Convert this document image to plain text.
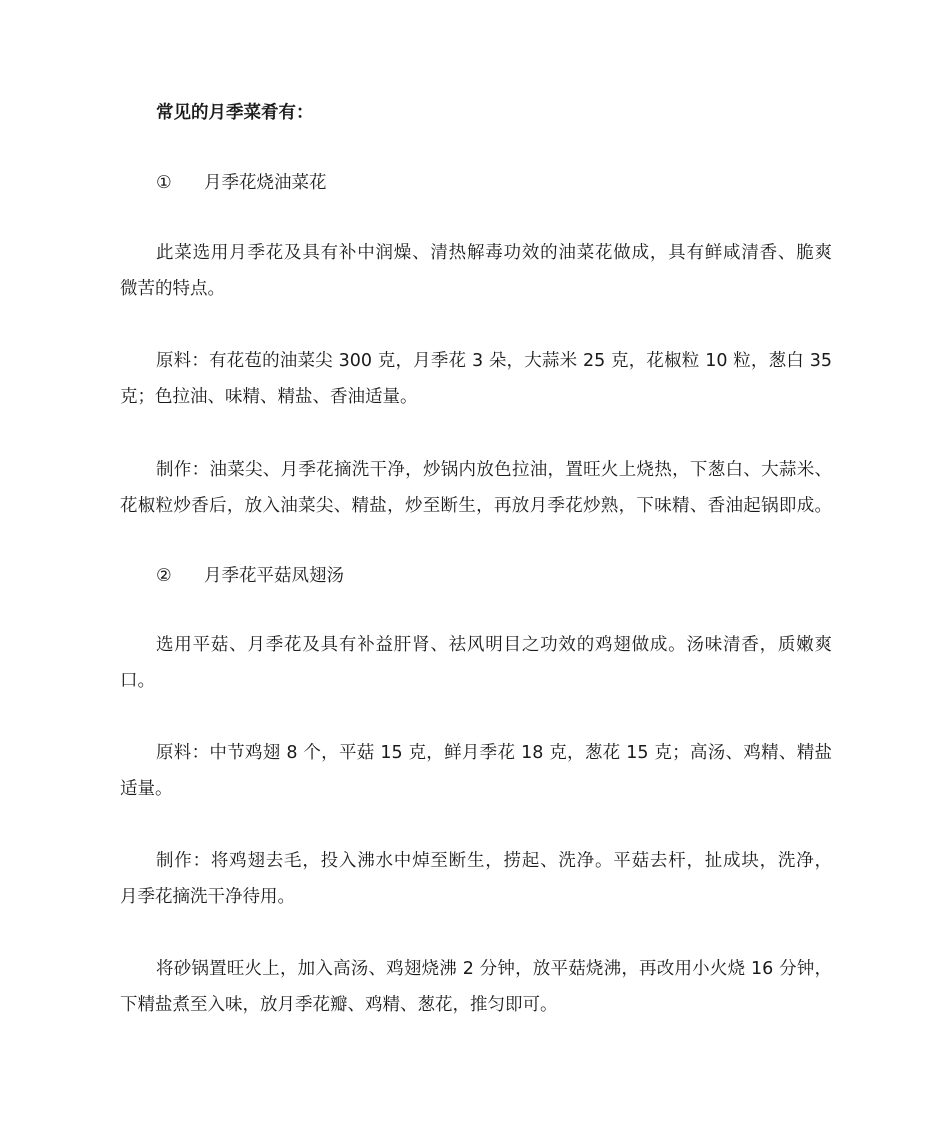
常见的月季菜肴有：
① 月季花烧油菜花
此菜选用月季花及具有补中润燥、清热解毒功效的油菜花做成，具有鲜咸清香、脆爽
微苦的特点。
原料：有花苞的油菜尖 300 克，月季花 3 朵，大蒜米 25 克，花椒粒 10 粒，葱白 35
克；色拉油、味精、精盐、香油适量。
制作：油菜尖、月季花摘洗干净，炒锅内放色拉油，置旺火上烧热，下葱白、大蒜米、
花椒粒炒香后，放入油菜尖、精盐，炒至断生，再放月季花炒熟，下味精、香油起锅即成。
② 月季花平菇凤翅汤
选用平菇、月季花及具有补益肝肾、祛风明目之功效的鸡翅做成。汤味清香，质嫩爽
口。
原料：中节鸡翅 8 个，平菇 15 克，鲜月季花 18 克，葱花 15 克；高汤、鸡精、精盐
适量。
制作：将鸡翅去毛，投入沸水中焯至断生，捞起、洗净。平菇去杆，扯成块，洗净，
月季花摘洗干净待用。
将砂锅置旺火上，加入高汤、鸡翅烧沸 2 分钟，放平菇烧沸，再改用小火烧 16 分钟，
下精盐煮至入味，放月季花瓣、鸡精、葱花，推匀即可。
